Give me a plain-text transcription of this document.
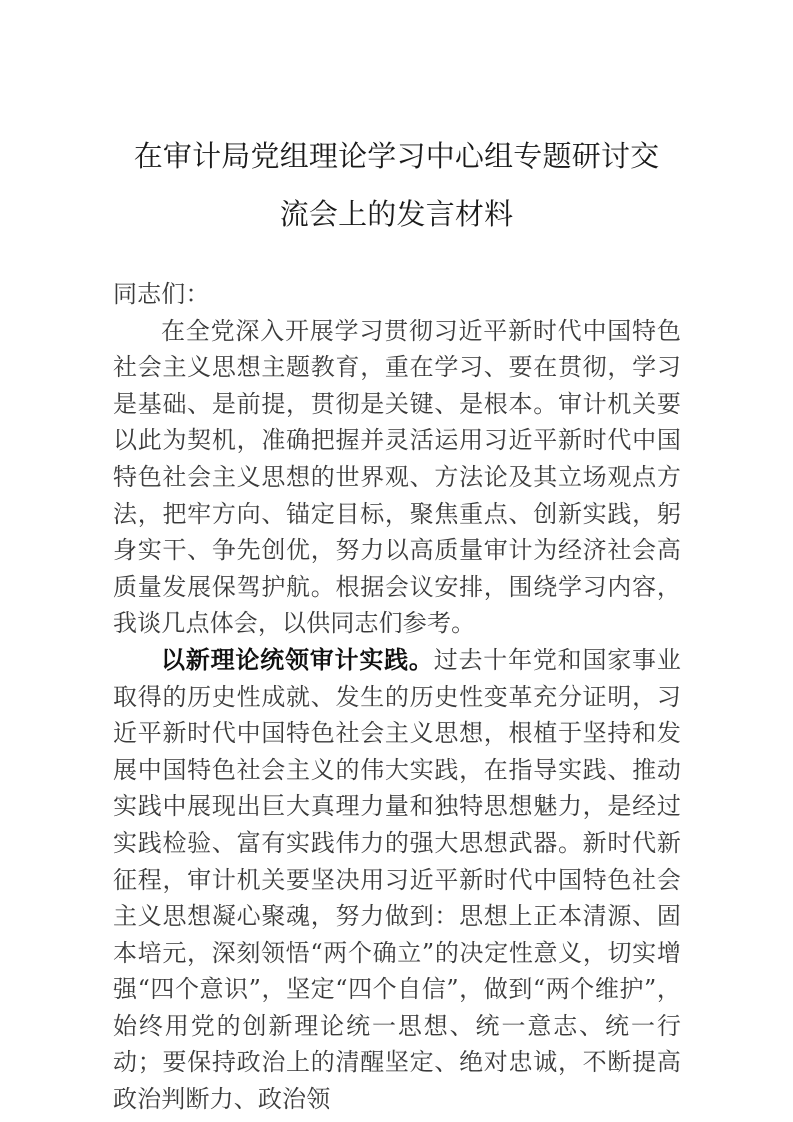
在审计局党组理论学习中心组专题研讨交
流会上的发言材料

同志们：

在全党深入开展学习贯彻习近平新时代中国特色社会主义思想主题教育，重在学习、要在贯彻，学习是基础、是前提，贯彻是关键、是根本。审计机关要以此为契机，准确把握并灵活运用习近平新时代中国特色社会主义思想的世界观、方法论及其立场观点方法，把牢方向、锚定目标，聚焦重点、创新实践，躬身实干、争先创优，努力以高质量审计为经济社会高质量发展保驾护航。根据会议安排，围绕学习内容，我谈几点体会，以供同志们参考。

以新理论统领审计实践。过去十年党和国家事业取得的历史性成就、发生的历史性变革充分证明，习近平新时代中国特色社会主义思想，根植于坚持和发展中国特色社会主义的伟大实践，在指导实践、推动实践中展现出巨大真理力量和独特思想魅力，是经过实践检验、富有实践伟力的强大思想武器。新时代新征程，审计机关要坚决用习近平新时代中国特色社会主义思想凝心聚魂，努力做到：思想上正本清源、固本培元，深刻领悟“两个确立”的决定性意义，切实增强“四个意识”，坚定“四个自信”，做到“两个维护”，始终用党的创新理论统一思想、统一意志、统一行动；要保持政治上的清醒坚定、绝对忠诚，不断提高政治判断力、政治领
